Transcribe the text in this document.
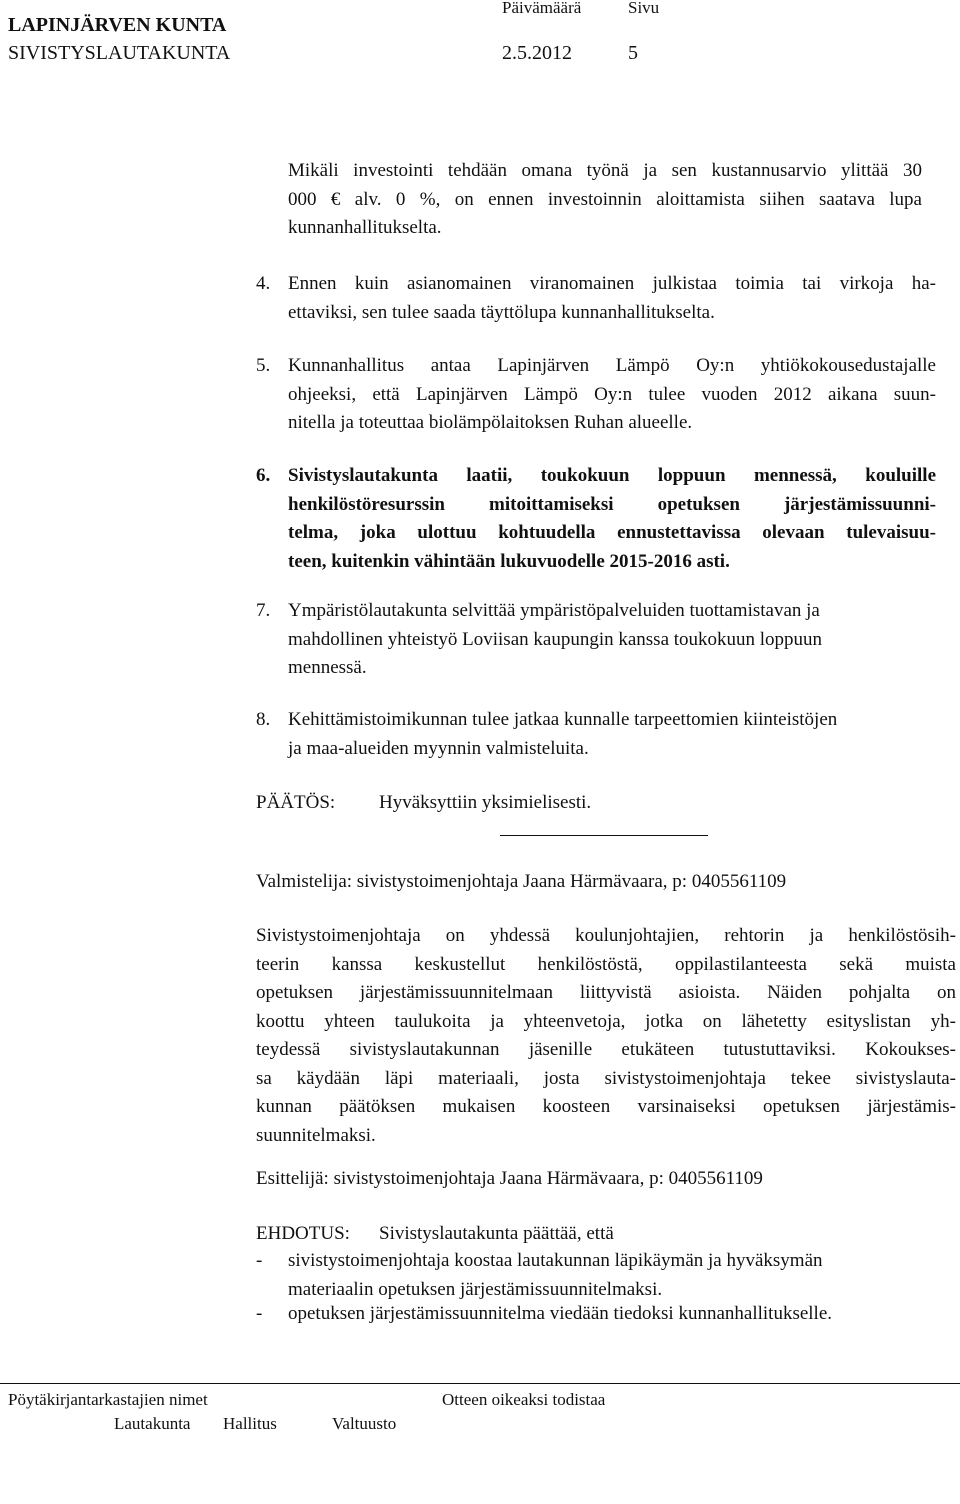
LAPINJÄRVEN KUNTA
SIVISTYSLAUTAKUNTA
Päivämäärä
2.5.2012
Sivu
5
Mikäli investointi tehdään omana työnä ja sen kustannusarvio ylittää 30
000 € alv. 0 %, on ennen investoinnin aloittamista siihen saatava lupa
kunnanhallitukselta.
4. Ennen kuin asianomainen viranomainen julkistaa toimia tai virkoja ha-
ettaviksi, sen tulee saada täyttölupa kunnanhallitukselta.
5. Kunnanhallitus antaa Lapinjärven Lämpö Oy:n yhtiökokousedustajalle
ohjeeksi, että Lapinjärven Lämpö Oy:n tulee vuoden 2012 aikana suun-
nitella ja toteuttaa biolämpölaitoksen Ruhan alueelle.
6. Sivistyslautakunta laatii, toukokuun loppuun mennessä, kouluille
henkilöstöresurssin mitoittamiseksi opetuksen järjestämissuunni-
telma, joka ulottuu kohtuudella ennustettavissa olevaan tulevaisuu-
teen, kuitenkin vähintään lukuvuodelle 2015-2016 asti.
7. Ympäristölautakunta selvittää ympäristöpalveluiden tuottamistavan ja
mahdollinen yhteistyö Loviisan kaupungin kanssa toukokuun loppuun
mennessä.
8. Kehittämistoimikunnan tulee jatkaa kunnalle tarpeettomien kiinteistöjen
ja maa-alueiden myynnin valmisteluita.
PÄÄTÖS: Hyväksyttiin yksimielisesti.
Valmistelija: sivistystoimenjohtaja Jaana Härmävaara, p: 0405561109
Sivistystoimenjohtaja on yhdessä koulunjohtajien, rehtorin ja henkilöstösih-
teerin kanssa keskustellut henkilöstöstä, oppilastilanteesta sekä muista
opetuksen järjestämissuunnitelmaan liittyvistä asioista. Näiden pohjalta on
koottu yhteen taulukoita ja yhteenvetoja, jotka on lähetetty esityslistan yh-
teydessä sivistyslautakunnan jäsenille etukäteen tutustuttaviksi. Kokoukses-
sa käydään läpi materiaali, josta sivistystoimenjohtaja tekee sivistyslauta-
kunnan päätöksen mukaisen koosteen varsinaiseksi opetuksen järjestämis-
suunnitelmaksi.
Esittelijä: sivistystoimenjohtaja Jaana Härmävaara, p: 0405561109
EHDOTUS: Sivistyslautakunta päättää, että
- sivistystoimenjohtaja koostaa lautakunnan läpikäymän ja hyväksymän
materiaalin opetuksen järjestämissuunnitelmaksi.
- opetuksen järjestämissuunnitelma viedään tiedoksi kunnanhallitukselle.
Pöytäkirjantarkastajien nimet	Otteen oikeaksi todistaa
Lautakunta Hallitus	Valtuusto
